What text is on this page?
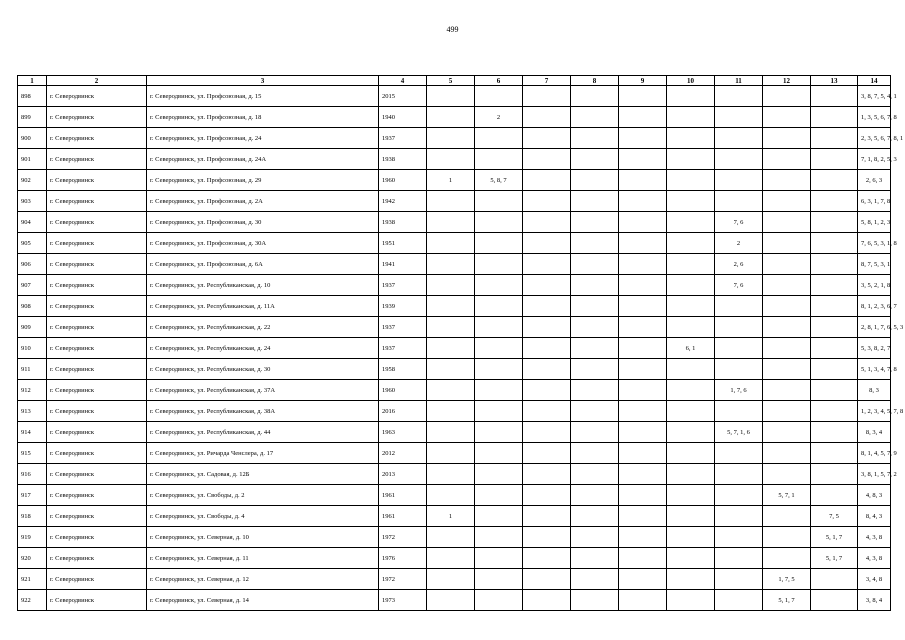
499
1	2	3	4	5	6	7	8	9	10	11	12	13	14
898	г. Северодвинск	г. Северодвинск, ул. Профсоюзная, д. 15	2015										3, 8, 7, 5, 4, 1
899	г. Северодвинск	г. Северодвинск, ул. Профсоюзная, д. 18	1940		2								1, 3, 5, 6, 7, 8
900	г. Северодвинск	г. Северодвинск, ул. Профсоюзная, д. 24	1937										2, 3, 5, 6, 7, 8, 1
901	г. Северодвинск	г. Северодвинск, ул. Профсоюзная, д. 24А	1938										7, 1, 8, 2, 5, 3
902	г. Северодвинск	г. Северодвинск, ул. Профсоюзная, д. 29	1960	1	5, 8, 7								2, 6, 3
903	г. Северодвинск	г. Северодвинск, ул. Профсоюзная, д. 2А	1942										6, 3, 1, 7, 8
904	г. Северодвинск	г. Северодвинск, ул. Профсоюзная, д. 30	1938							7, 6			5, 8, 1, 2, 3
905	г. Северодвинск	г. Северодвинск, ул. Профсоюзная, д. 30А	1951							2			7, 6, 5, 3, 1, 8
906	г. Северодвинск	г. Северодвинск, ул. Профсоюзная, д. 6А	1941							2, 6			8, 7, 5, 3, 1
907	г. Северодвинск	г. Северодвинск, ул. Республиканская, д. 10	1937							7, 6			3, 5, 2, 1, 8
908	г. Северодвинск	г. Северодвинск, ул. Республиканская, д. 11А	1939										8, 1, 2, 3, 6, 7
909	г. Северодвинск	г. Северодвинск, ул. Республиканская, д. 22	1937										2, 8, 1, 7, 6, 5, 3
910	г. Северодвинск	г. Северодвинск, ул. Республиканская, д. 24	1937						6, 1				5, 3, 8, 2, 7
911	г. Северодвинск	г. Северодвинск, ул. Республиканская, д. 30	1958										5, 1, 3, 4, 7, 8
912	г. Северодвинск	г. Северодвинск, ул. Республиканская, д. 37А	1960							1, 7, 6			8, 3
913	г. Северодвинск	г. Северодвинск, ул. Республиканская, д. 38А	2016										1, 2, 3, 4, 5, 7, 8
914	г. Северодвинск	г. Северодвинск, ул. Республиканская, д. 44	1963							5, 7, 1, 6			8, 3, 4
915	г. Северодвинск	г. Северодвинск, ул. Ричарда Ченслера, д. 17	2012										8, 1, 4, 5, 7, 9
916	г. Северодвинск	г. Северодвинск, ул. Садовая, д. 12Б	2013										3, 8, 1, 5, 7, 2
917	г. Северодвинск	г. Северодвинск, ул. Свободы, д. 2	1961								5, 7, 1		4, 8, 3
918	г. Северодвинск	г. Северодвинск, ул. Свободы, д. 4	1961	1								7, 5	8, 4, 3
919	г. Северодвинск	г. Северодвинск, ул. Северная, д. 10	1972									5, 1, 7	4, 3, 8
920	г. Северодвинск	г. Северодвинск, ул. Северная, д. 11	1976									5, 1, 7	4, 3, 8
921	г. Северодвинск	г. Северодвинск, ул. Северная, д. 12	1972								1, 7, 5		3, 4, 8
922	г. Северодвинск	г. Северодвинск, ул. Северная, д. 14	1973								5, 1, 7		3, 8, 4
